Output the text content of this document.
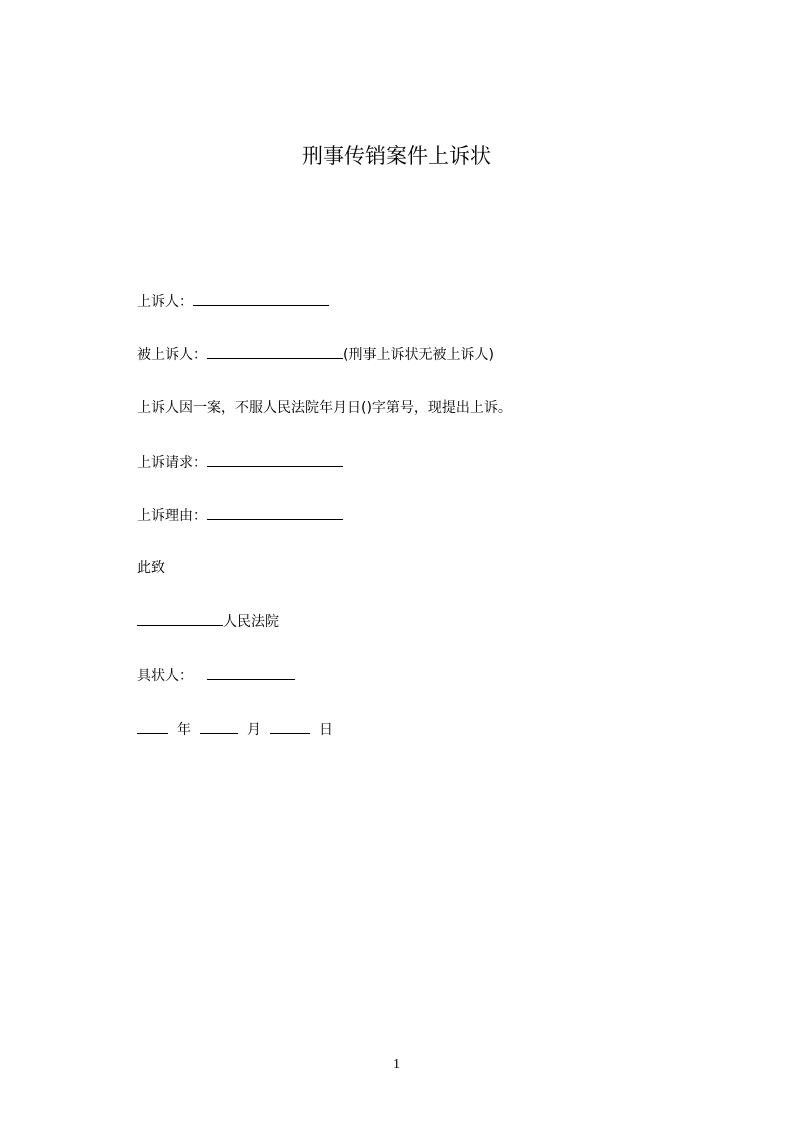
刑事传销案件上诉状
上诉人：
被上诉人：	(刑事上诉状无被上诉人)
上诉人因一案，不服人民法院年月日()字第号，现提出上诉。
上诉请求：
上诉理由：
此致
人民法院
具状人：
年	月	日
1
